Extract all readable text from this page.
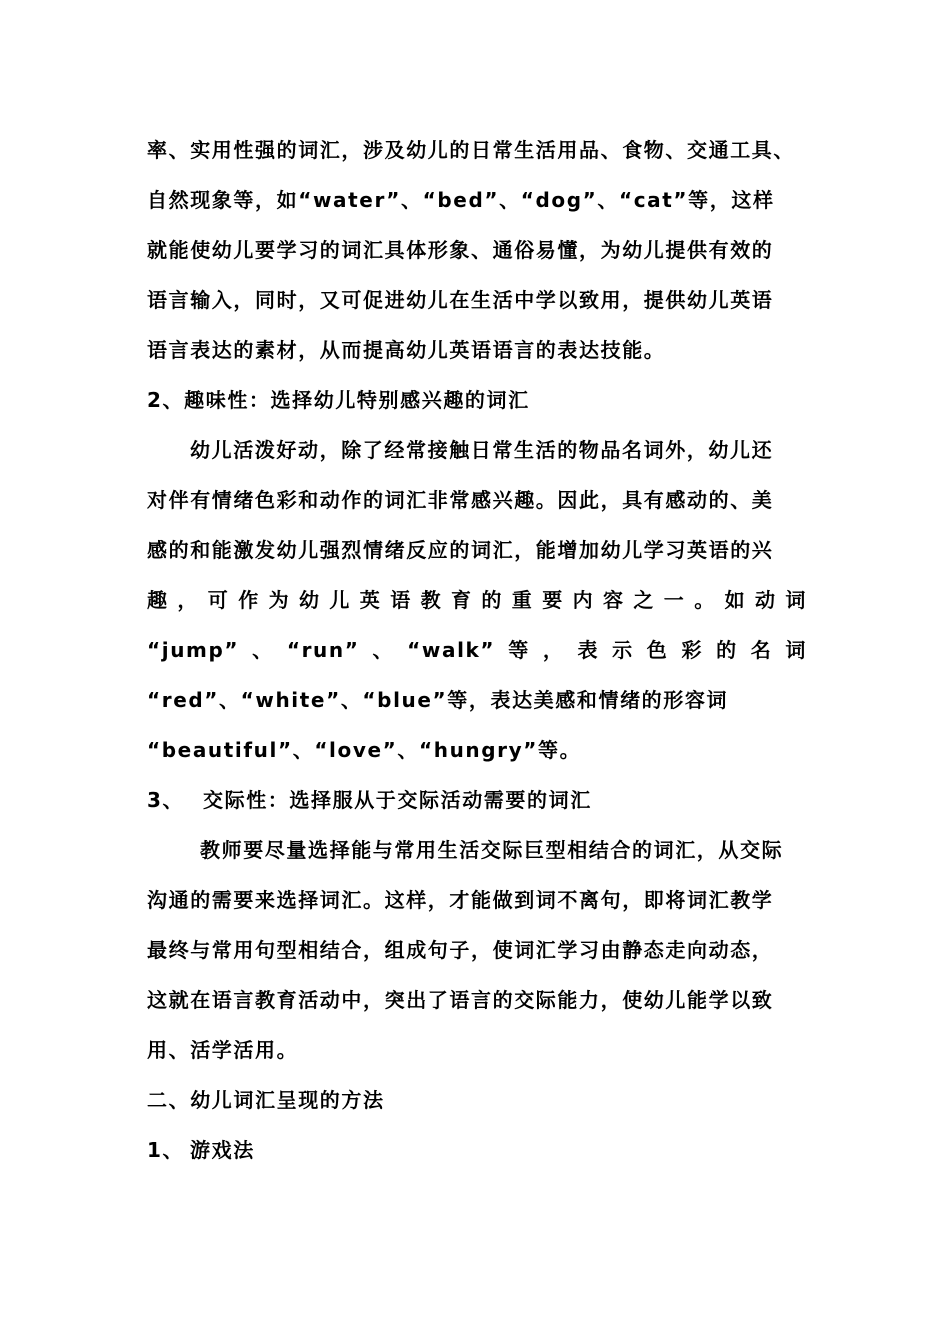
率、实用性强的词汇，涉及幼儿的日常生活用品、食物、交通工具、
自然现象等，如“water”、“bed”、“dog”、“cat”等，这样
就能使幼儿要学习的词汇具体形象、通俗易懂，为幼儿提供有效的
语言输入，同时，又可促进幼儿在生活中学以致用，提供幼儿英语
语言表达的素材，从而提高幼儿英语语言的表达技能。
2、趣味性：选择幼儿特别感兴趣的词汇
幼儿活泼好动，除了经常接触日常生活的物品名词外，幼儿还
对伴有情绪色彩和动作的词汇非常感兴趣。因此，具有感动的、美
感的和能激发幼儿强烈情绪反应的词汇，能增加幼儿学习英语的兴
趣，可作为幼儿英语教育的重要内容之一。如动词
“jump”、“run”、“walk”等，表示色彩的名词
“red”、“white”、“blue”等，表达美感和情绪的形容词
“beautiful”、“love”、“hungry”等。
3、 交际性：选择服从于交际活动需要的词汇
教师要尽量选择能与常用生活交际巨型相结合的词汇，从交际
沟通的需要来选择词汇。这样，才能做到词不离句，即将词汇教学
最终与常用句型相结合，组成句子，使词汇学习由静态走向动态，
这就在语言教育活动中，突出了语言的交际能力，使幼儿能学以致
用、活学活用。
二、幼儿词汇呈现的方法
1、 游戏法
